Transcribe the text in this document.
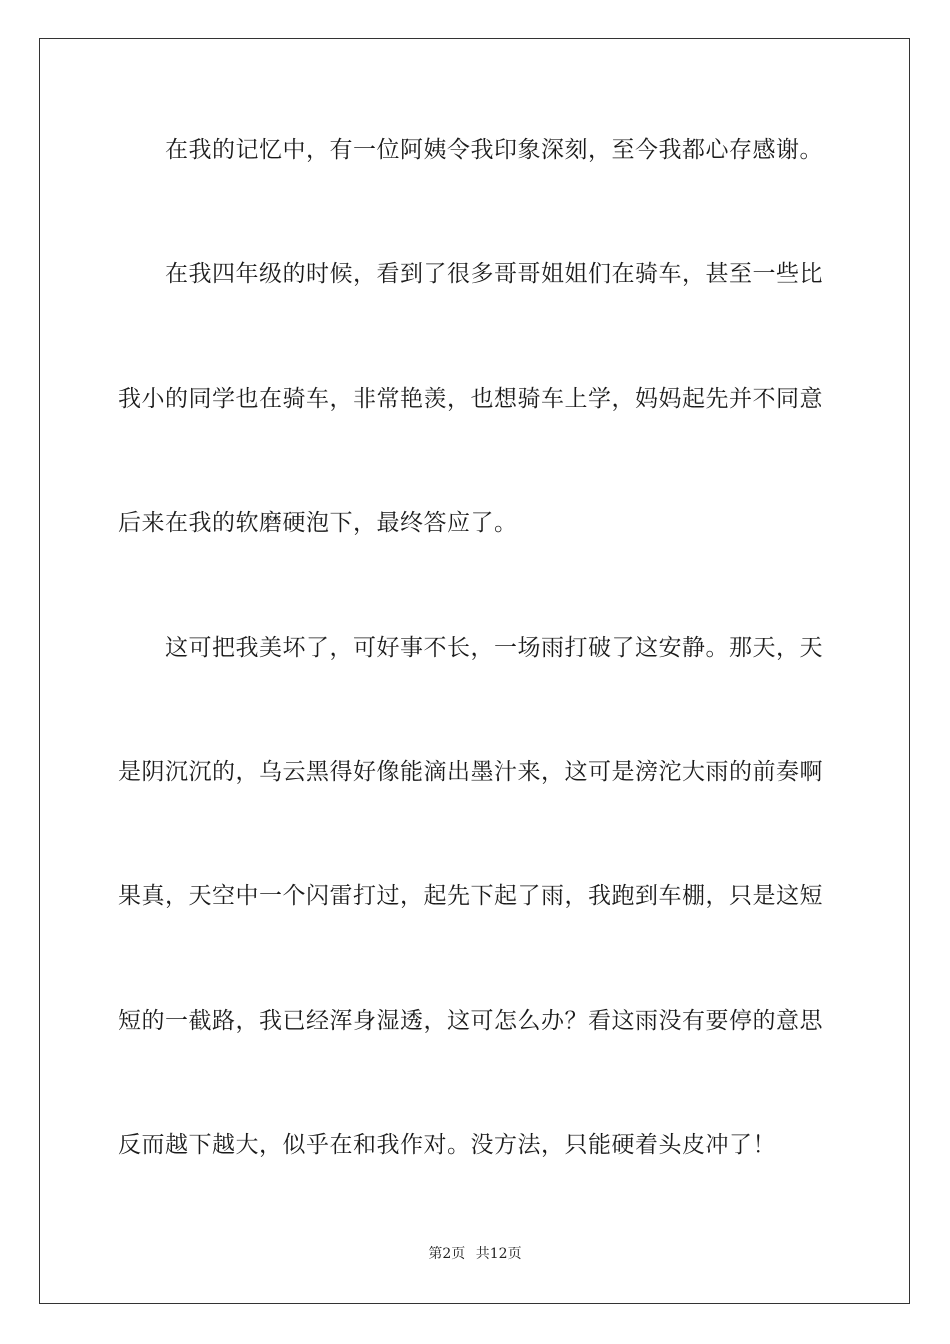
在我的记忆中，有一位阿姨令我印象深刻，至今我都心存感谢。
在我四年级的时候，看到了很多哥哥姐姐们在骑车，甚至一些比
我小的同学也在骑车，非常艳羡，也想骑车上学，妈妈起先并不同意
后来在我的软磨硬泡下，最终答应了。
这可把我美坏了，可好事不长，一场雨打破了这安静。那天，天
是阴沉沉的，乌云黑得好像能滴出墨汁来，这可是滂沱大雨的前奏啊
果真，天空中一个闪雷打过，起先下起了雨，我跑到车棚，只是这短
短的一截路，我已经浑身湿透，这可怎么办？看这雨没有要停的意思
反而越下越大，似乎在和我作对。没方法，只能硬着头皮冲了！
第2页 共12页
